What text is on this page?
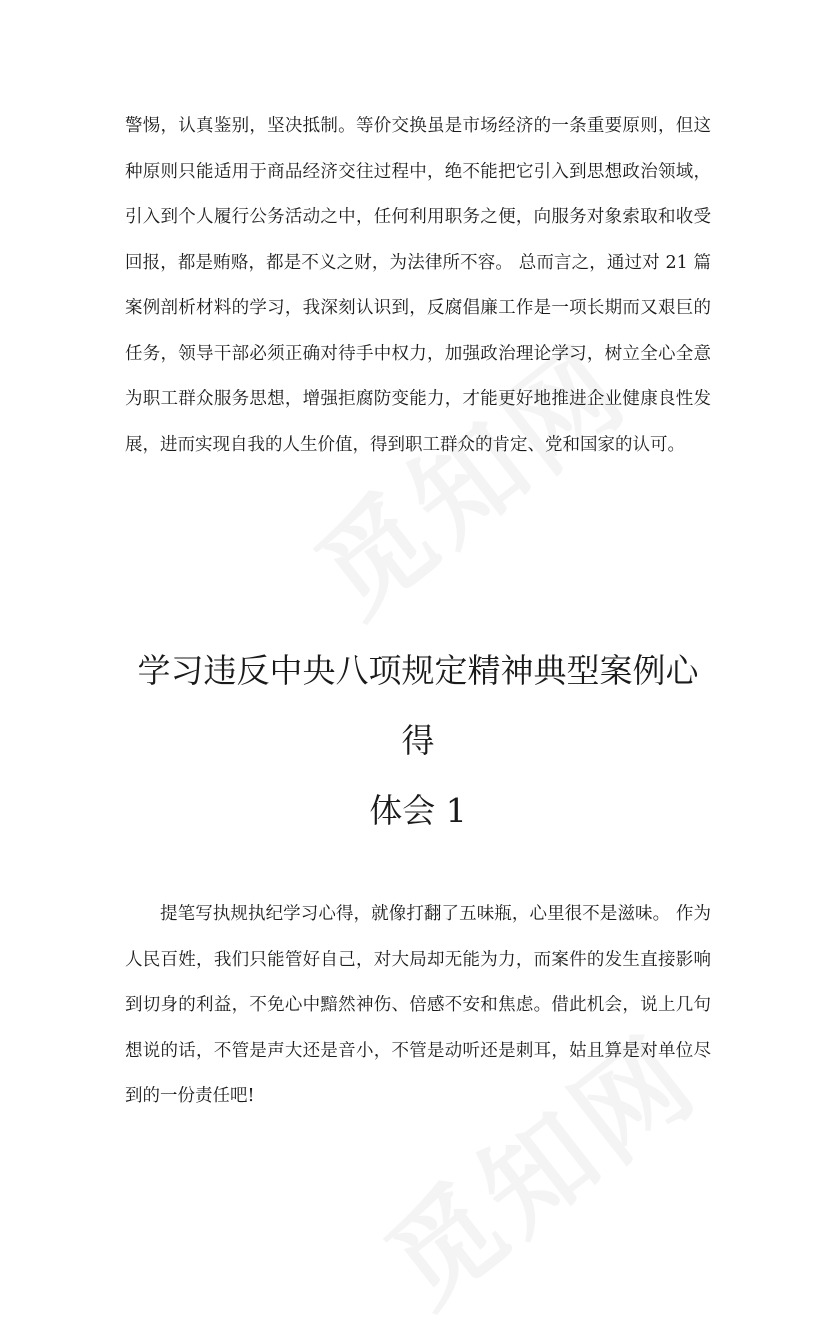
警惕，认真鉴别，坚决抵制。等价交换虽是市场经济的一条重要原则，但这种原则只能适用于商品经济交往过程中，绝不能把它引入到思想政治领域，引入到个人履行公务活动之中，任何利用职务之便，向服务对象索取和收受回报，都是贿赂，都是不义之财，为法律所不容。 总而言之，通过对 21 篇案例剖析材料的学习，我深刻认识到，反腐倡廉工作是一项长期而又艰巨的任务，领导干部必须正确对待手中权力，加强政治理论学习，树立全心全意为职工群众服务思想，增强拒腐防变能力，才能更好地推进企业健康良性发展，进而实现自我的人生价值，得到职工群众的肯定、党和国家的认可。

学习违反中央八项规定精神典型案例心得
体会 1

提笔写执规执纪学习心得，就像打翻了五味瓶，心里很不是滋味。 作为人民百姓，我们只能管好自己，对大局却无能为力，而案件的发生直接影响到切身的利益，不免心中黯然神伤、倍感不安和焦虑。借此机会，说上几句想说的话，不管是声大还是音小，不管是动听还是刺耳，姑且算是对单位尽到的一份责任吧!
